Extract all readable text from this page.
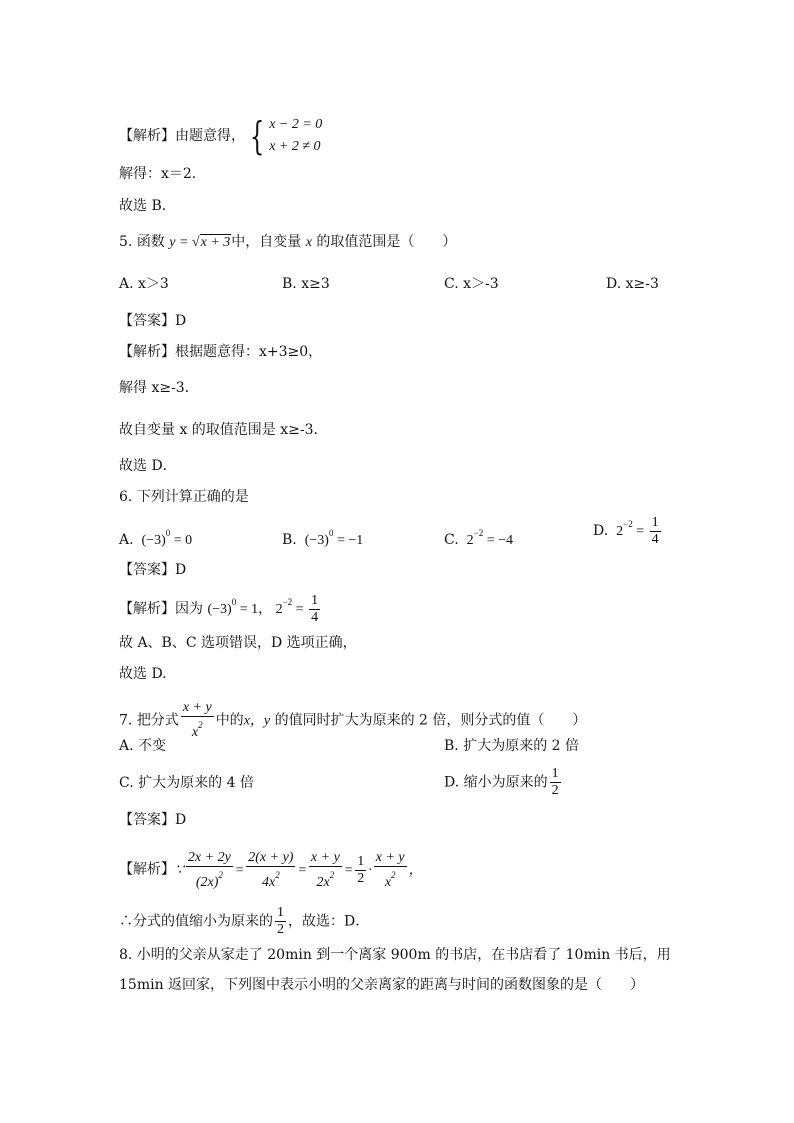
【解析】由题意得， { x − 2 = 0
x + 2 ≠ 0
解得：x＝2．
故选 B．
5. 函数 y = √x + 3中，自变量 x 的取值范围是（　　）
A. x＞3	B. x≥3	C. x＞-3	D. x≥-3
【答案】D
【解析】根据题意得：x+3≥0，
解得 x≥-3．
故自变量 x 的取值范围是 x≥-3．
故选 D．
6. 下列计算正确的是
A.  $(-3)^0 = 0$	B.  $(-3)^0 = -1$	C.  $2^{-2} = -4$
D.  $2^{-2} = \frac{1}{4}$
【答案】D
【解析】因为 $(-3)^0 = 1$， $2^{-2} = \frac{1}{4}$
故 A、B、C 选项错误，D 选项正确，
故选 D.
7. 把分式 $\frac{x + y}{x^2}$ 中的x，y 的值同时扩大为原来的 2 倍，则分式的值（　　）
A. 不变	B. 扩大为原来的 2 倍
C. 扩大为原来的 4 倍	D. 缩小为原来的 $\frac{1}{2}$
【答案】D
【解析】∵ $\frac{2x + 2y}{(2x)^2} = \frac{2(x + y)}{4x^2} = \frac{x + y}{2x^2} = \frac{1}{2} \cdot \frac{x + y}{x^2}$ ，
∴分式的值缩小为原来的 $\frac{1}{2}$ ，故选：D．
8. 小明的父亲从家走了 20min 到一个离家 900m 的书店，在书店看了 10min 书后，用
15min 返回家，下列图中表示小明的父亲离家的距离与时间的函数图象的是（　　）
